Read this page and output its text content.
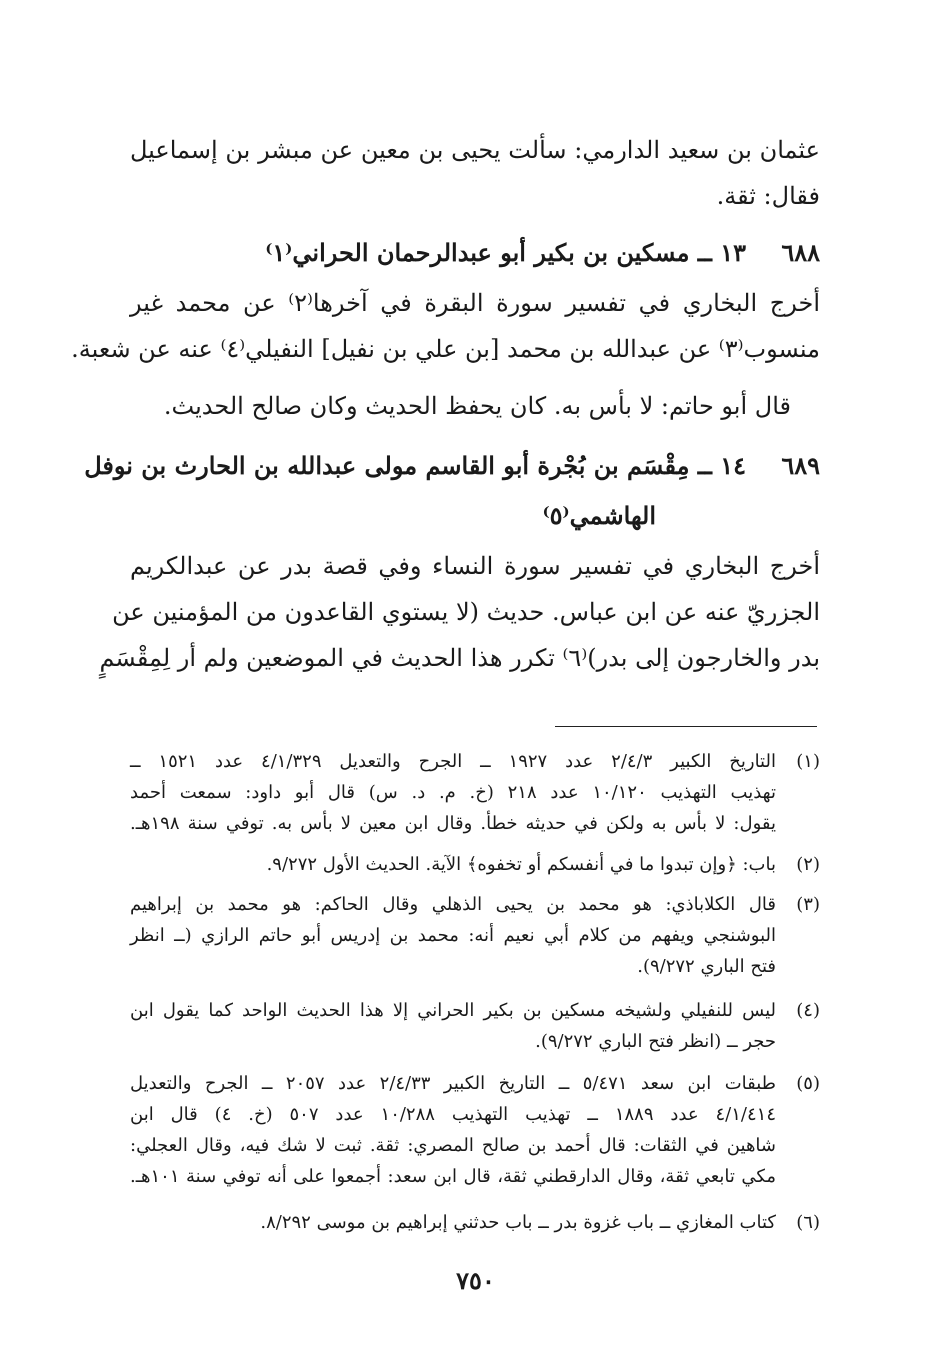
عثمان بن سعيد الدارمي: سألت يحيى بن معين عن مبشر بن إسماعيل
فقال: ثقة.
٦٨٨
١٣ ــ مسكين بن بكير أبو عبدالرحمان الحراني⁽١⁾
أخرج البخاري في تفسير سورة البقرة في آخرها⁽٢⁾ عن محمد غير
منسوب⁽٣⁾ عن عبدالله بن محمد [بن علي بن نفيل] النفيلي⁽٤⁾ عنه عن شعبة.
قال أبو حاتم: لا بأس به. كان يحفظ الحديث وكان صالح الحديث.
٦٨٩
١٤ ــ مِقْسَم بن بُجْرة أبو القاسم مولى عبدالله بن الحارث بن نوفل
الهاشمي⁽٥⁾
أخرج البخاري في تفسير سورة النساء وفي قصة بدر عن عبدالكريم
الجزريّ عنه عن ابن عباس. حديث (لا يستوي القاعدون من المؤمنين عن
بدر والخارجون إلى بدر)⁽٦⁾ تكرر هذا الحديث في الموضعين ولم أر لِمِقْسَمٍ
(١)
التاريخ الكبير ٢/٤/٣ عدد ١٩٢٧ ــ الجرح والتعديل ٤/١/٣٢٩ عدد ١٥٢١ ــ
تهذيب التهذيب ١٠/١٢٠ عدد ٢١٨ (خ. م. د. س) قال أبو داود: سمعت أحمد
يقول: لا بأس به ولكن في حديثه خطأ. وقال ابن معين لا بأس به. توفي سنة ١٩٨هـ.
(٢)
باب: ﴿وإن تبدوا ما في أنفسكم أو تخفوه﴾ الآية. الحديث الأول ٩/٢٧٢.
(٣)
قال الكلاباذي: هو محمد بن يحيى الذهلي وقال الحاكم: هو محمد بن إبراهيم
البوشنجي ويفهم من كلام أبي نعيم أنه: محمد بن إدريس أبو حاتم الرازي (ــ انظر
فتح الباري ٩/٢٧٢).
(٤)
ليس للنفيلي ولشيخه مسكين بن بكير الحراني إلا هذا الحديث الواحد كما يقول ابن
حجر ــ (انظر فتح الباري ٩/٢٧٢).
(٥)
طبقات ابن سعد ٥/٤٧١ ــ التاريخ الكبير ٢/٤/٣٣ عدد ٢٠٥٧ ــ الجرح والتعديل
٤/١/٤١٤ عدد ١٨٨٩ ــ تهذيب التهذيب ١٠/٢٨٨ عدد ٥٠٧ (خ. ٤) قال ابن
شاهين في الثقات: قال أحمد بن صالح المصري: ثقة. ثبت لا شك فيه، وقال العجلي:
مكي تابعي ثقة، وقال الدارقطني ثقة، قال ابن سعد: أجمعوا على أنه توفي سنة ١٠١هـ.
(٦)
كتاب المغازي ــ باب غزوة بدر ــ باب حدثني إبراهيم بن موسى ٨/٢٩٢.
٧٥٠
